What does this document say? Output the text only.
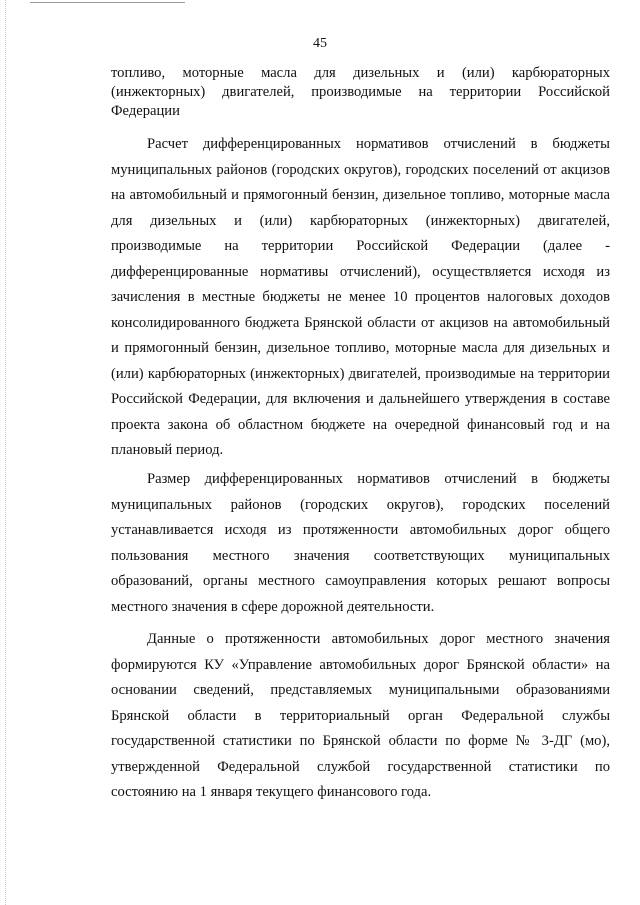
45

топливо, моторные масла для дизельных и (или) карбюраторных (инжекторных) двигателей, производимые на территории Российской Федерации

Расчет дифференцированных нормативов отчислений в бюджеты муниципальных районов (городских округов), городских поселений от акцизов на автомобильный и прямогонный бензин, дизельное топливо, моторные масла для дизельных и (или) карбюраторных (инжекторных) двигателей, производимые на территории Российской Федерации (далее - дифференцированные нормативы отчислений), осуществляется исходя из зачисления в местные бюджеты не менее 10 процентов налоговых доходов консолидированного бюджета Брянской области от акцизов на автомобильный и прямогонный бензин, дизельное топливо, моторные масла для дизельных и (или) карбюраторных (инжекторных) двигателей, производимые на территории Российской Федерации, для включения и дальнейшего утверждения в составе проекта закона об областном бюджете на очередной финансовый год и на плановый период.

Размер дифференцированных нормативов отчислений в бюджеты муниципальных районов (городских округов), городских поселений устанавливается исходя из протяженности автомобильных дорог общего пользования местного значения соответствующих муниципальных образований, органы местного самоуправления которых решают вопросы местного значения в сфере дорожной деятельности.

Данные о протяженности автомобильных дорог местного значения формируются КУ «Управление автомобильных дорог Брянской области» на основании сведений, представляемых муниципальными образованиями Брянской области в территориальный орган Федеральной службы государственной статистики по Брянской области по форме № 3-ДГ (мо), утвержденной Федеральной службой государственной статистики по состоянию на 1 января текущего финансового года.
